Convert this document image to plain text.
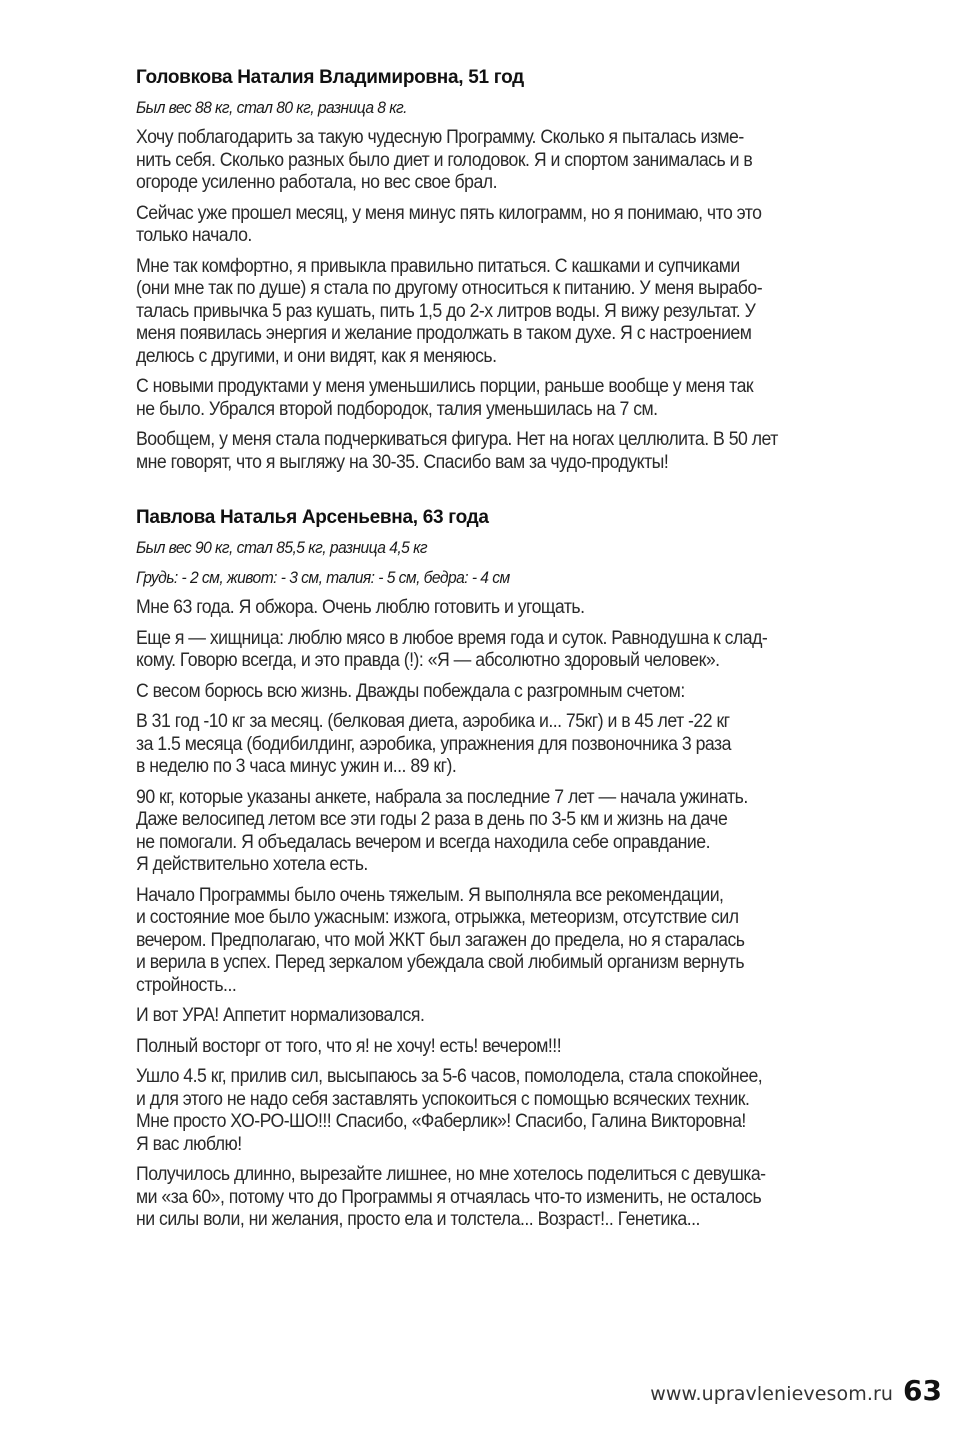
Головкова Наталия Владимировна, 51 год
Был вес 88 кг, стал 80 кг, разница 8 кг.
Хочу поблагодарить за такую чудесную Программу. Сколько я пыталась изме-
нить себя. Сколько разных было диет и голодовок. Я и спортом занималась и в
огороде усиленно работала, но вес свое брал.
Сейчас уже прошел месяц, у меня минус пять килограмм, но я понимаю, что это
только начало.
Мне так комфортно, я привыкла правильно питаться. С кашками и супчиками
(они мне так по душе) я стала по другому относиться к питанию. У меня вырабо-
талась привычка 5 раз кушать, пить 1,5 до 2-х литров воды. Я вижу результат. У
меня появилась энергия и желание продолжать в таком духе. Я с настроением
делюсь с другими, и они видят, как я меняюсь.
С новыми продуктами у меня уменьшились порции, раньше вообще у меня так
не было. Убрался второй подбородок, талия уменьшилась на 7 см.
Вообщем, у меня стала подчеркиваться фигура. Нет на ногах целлюлита. В 50 лет
мне говорят, что я выгляжу на 30-35. Спасибо вам за чудо-продукты!
Павлова Наталья Арсеньевна, 63 года
Был вес 90 кг, стал 85,5 кг, разница 4,5 кг
Грудь: - 2 см, живот: - 3 см, талия: - 5 см, бедра: - 4 см
Мне 63 года. Я обжора. Очень люблю готовить и угощать.
Еще я — хищница: люблю мясо в любое время года и суток. Равнодушна к слад-
кому. Говорю всегда, и это правда (!): «Я — абсолютно здоровый человек».
С весом борюсь всю жизнь. Дважды побеждала с разгромным счетом:
В 31 год -10 кг за месяц. (белковая диета, аэробика и... 75кг) и в 45 лет -22 кг
за 1.5 месяца (бодибилдинг, аэробика, упражнения для позвоночника 3 раза
в неделю по 3 часа минус ужин и... 89 кг).
90 кг, которые указаны анкете, набрала за последние 7 лет — начала ужинать.
Даже велосипед летом все эти годы 2 раза в день по 3-5 км и жизнь на даче
не помогали. Я объедалась вечером и всегда находила себе оправдание.
Я действительно хотела есть.
Начало Программы было очень тяжелым. Я выполняла все рекомендации,
и состояние мое было ужасным: изжога, отрыжка, метеоризм, отсутствие сил
вечером. Предполагаю, что мой ЖКТ был загажен до предела, но я старалась
и верила в успех. Перед зеркалом убеждала свой любимый организм вернуть
стройность...
И вот УРА! Аппетит нормализовался.
Полный восторг от того, что я! не хочу! есть! вечером!!!
Ушло 4.5 кг, прилив сил, высыпаюсь за 5-6 часов, помолодела, стала спокойнее,
и для этого не надо себя заставлять успокоиться с помощью всяческих техник.
Мне просто ХО-РО-ШО!!! Спасибо, «Фаберлик»! Спасибо, Галина Викторовна!
Я вас люблю!
Получилось длинно, вырезайте лишнее, но мне хотелось поделиться с девушка-
ми «за 60», потому что до Программы я отчаялась что-то изменить, не осталось
ни силы воли, ни желания, просто ела и толстела... Возраст!.. Генетика...
www.upravlenievesom.ru 63
